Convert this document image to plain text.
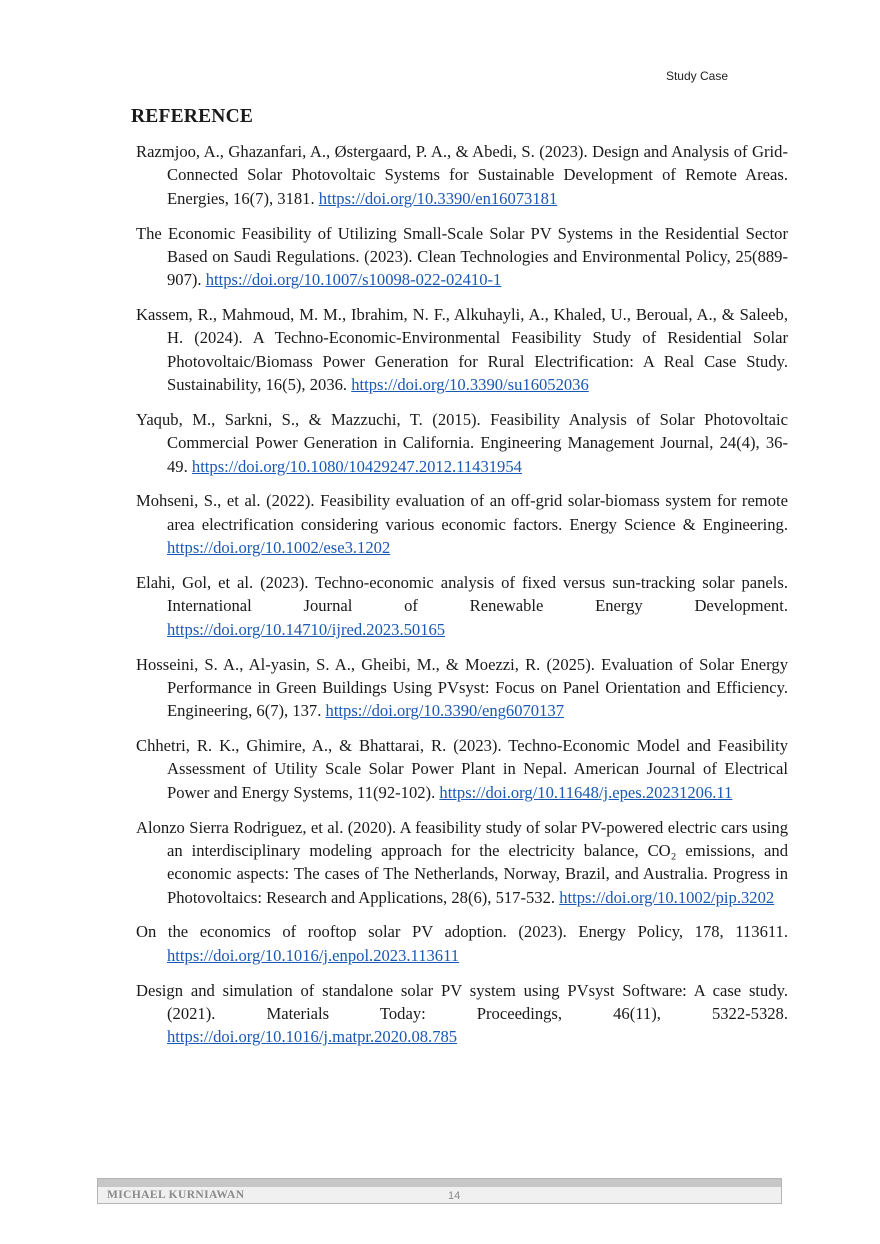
Study Case
REFERENCE
Razmjoo, A., Ghazanfari, A., Østergaard, P. A., & Abedi, S. (2023). Design and Analysis of Grid-Connected Solar Photovoltaic Systems for Sustainable Development of Remote Areas. Energies, 16(7), 3181. https://doi.org/10.3390/en16073181
The Economic Feasibility of Utilizing Small-Scale Solar PV Systems in the Residential Sector Based on Saudi Regulations. (2023). Clean Technologies and Environmental Policy, 25(889-907). https://doi.org/10.1007/s10098-022-02410-1
Kassem, R., Mahmoud, M. M., Ibrahim, N. F., Alkuhayli, A., Khaled, U., Beroual, A., & Saleeb, H. (2024). A Techno-Economic-Environmental Feasibility Study of Residential Solar Photovoltaic/Biomass Power Generation for Rural Electrification: A Real Case Study. Sustainability, 16(5), 2036. https://doi.org/10.3390/su16052036
Yaqub, M., Sarkni, S., & Mazzuchi, T. (2015). Feasibility Analysis of Solar Photovoltaic Commercial Power Generation in California. Engineering Management Journal, 24(4), 36-49. https://doi.org/10.1080/10429247.2012.11431954
Mohseni, S., et al. (2022). Feasibility evaluation of an off-grid solar-biomass system for remote area electrification considering various economic factors. Energy Science & Engineering. https://doi.org/10.1002/ese3.1202
Elahi, Gol, et al. (2023). Techno-economic analysis of fixed versus sun-tracking solar panels. International Journal of Renewable Energy Development. https://doi.org/10.14710/ijred.2023.50165
Hosseini, S. A., Al-yasin, S. A., Gheibi, M., & Moezzi, R. (2025). Evaluation of Solar Energy Performance in Green Buildings Using PVsyst: Focus on Panel Orientation and Efficiency. Engineering, 6(7), 137. https://doi.org/10.3390/eng6070137
Chhetri, R. K., Ghimire, A., & Bhattarai, R. (2023). Techno-Economic Model and Feasibility Assessment of Utility Scale Solar Power Plant in Nepal. American Journal of Electrical Power and Energy Systems, 11(92-102). https://doi.org/10.11648/j.epes.20231206.11
Alonzo Sierra Rodriguez, et al. (2020). A feasibility study of solar PV-powered electric cars using an interdisciplinary modeling approach for the electricity balance, CO₂ emissions, and economic aspects: The cases of The Netherlands, Norway, Brazil, and Australia. Progress in Photovoltaics: Research and Applications, 28(6), 517-532. https://doi.org/10.1002/pip.3202
On the economics of rooftop solar PV adoption. (2023). Energy Policy, 178, 113611. https://doi.org/10.1016/j.enpol.2023.113611
Design and simulation of standalone solar PV system using PVsyst Software: A case study. (2021). Materials Today: Proceedings, 46(11), 5322-5328. https://doi.org/10.1016/j.matpr.2020.08.785
MICHAEL KURNIAWAN	14
